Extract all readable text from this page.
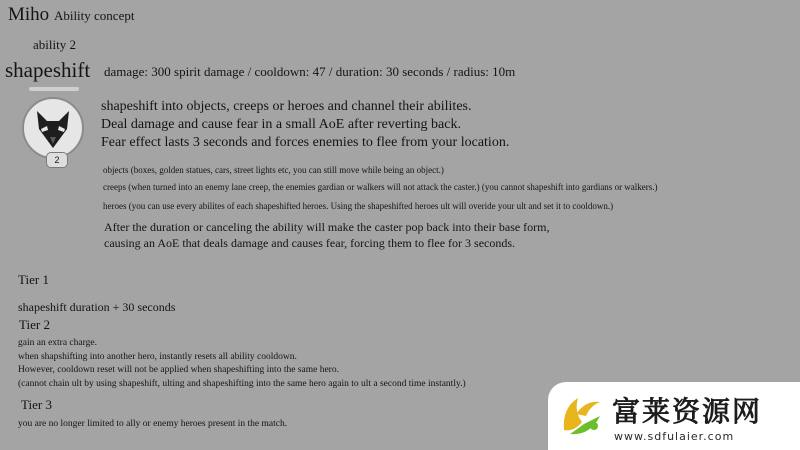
Miho Ability concept
ability 2
shapeshift damage: 300 spirit damage / cooldown: 47 / duration: 30 seconds / radius: 10m
2
shapeshift into objects, creeps or heroes and channel their abilites.
Deal damage and cause fear in a small AoE after reverting back.
Fear effect lasts 3 seconds and forces enemies to flee from your location.
objects (boxes, golden statues, cars, street lights etc, you can still move while being an object.)
creeps (when turned into an enemy lane creep, the enemies gardian or walkers will not attack the caster.) (you cannot shapeshift into gardians or walkers.)
heroes (you can use every abilites of each shapeshifted heroes. Using the shapeshifted heroes ult will overide your ult and set it to cooldown.)
After the duration or canceling the ability will make the caster pop back into their base form,
causing an AoE that deals damage and causes fear, forcing them to flee for 3 seconds.
Tier 1
shapeshift duration + 30 seconds
Tier 2
gain an extra charge.
when shapshifting into another hero, instantly resets all ability cooldown.
However, cooldown reset will not be applied when shapeshifting into the same hero.
(cannot chain ult by using shapeshift, ulting and shapeshifting into the same hero again to ult a second time instantly.)
Tier 3
you are no longer limited to ally or enemy heroes present in the match.	富莱资源网
www.sdfulaier.com
